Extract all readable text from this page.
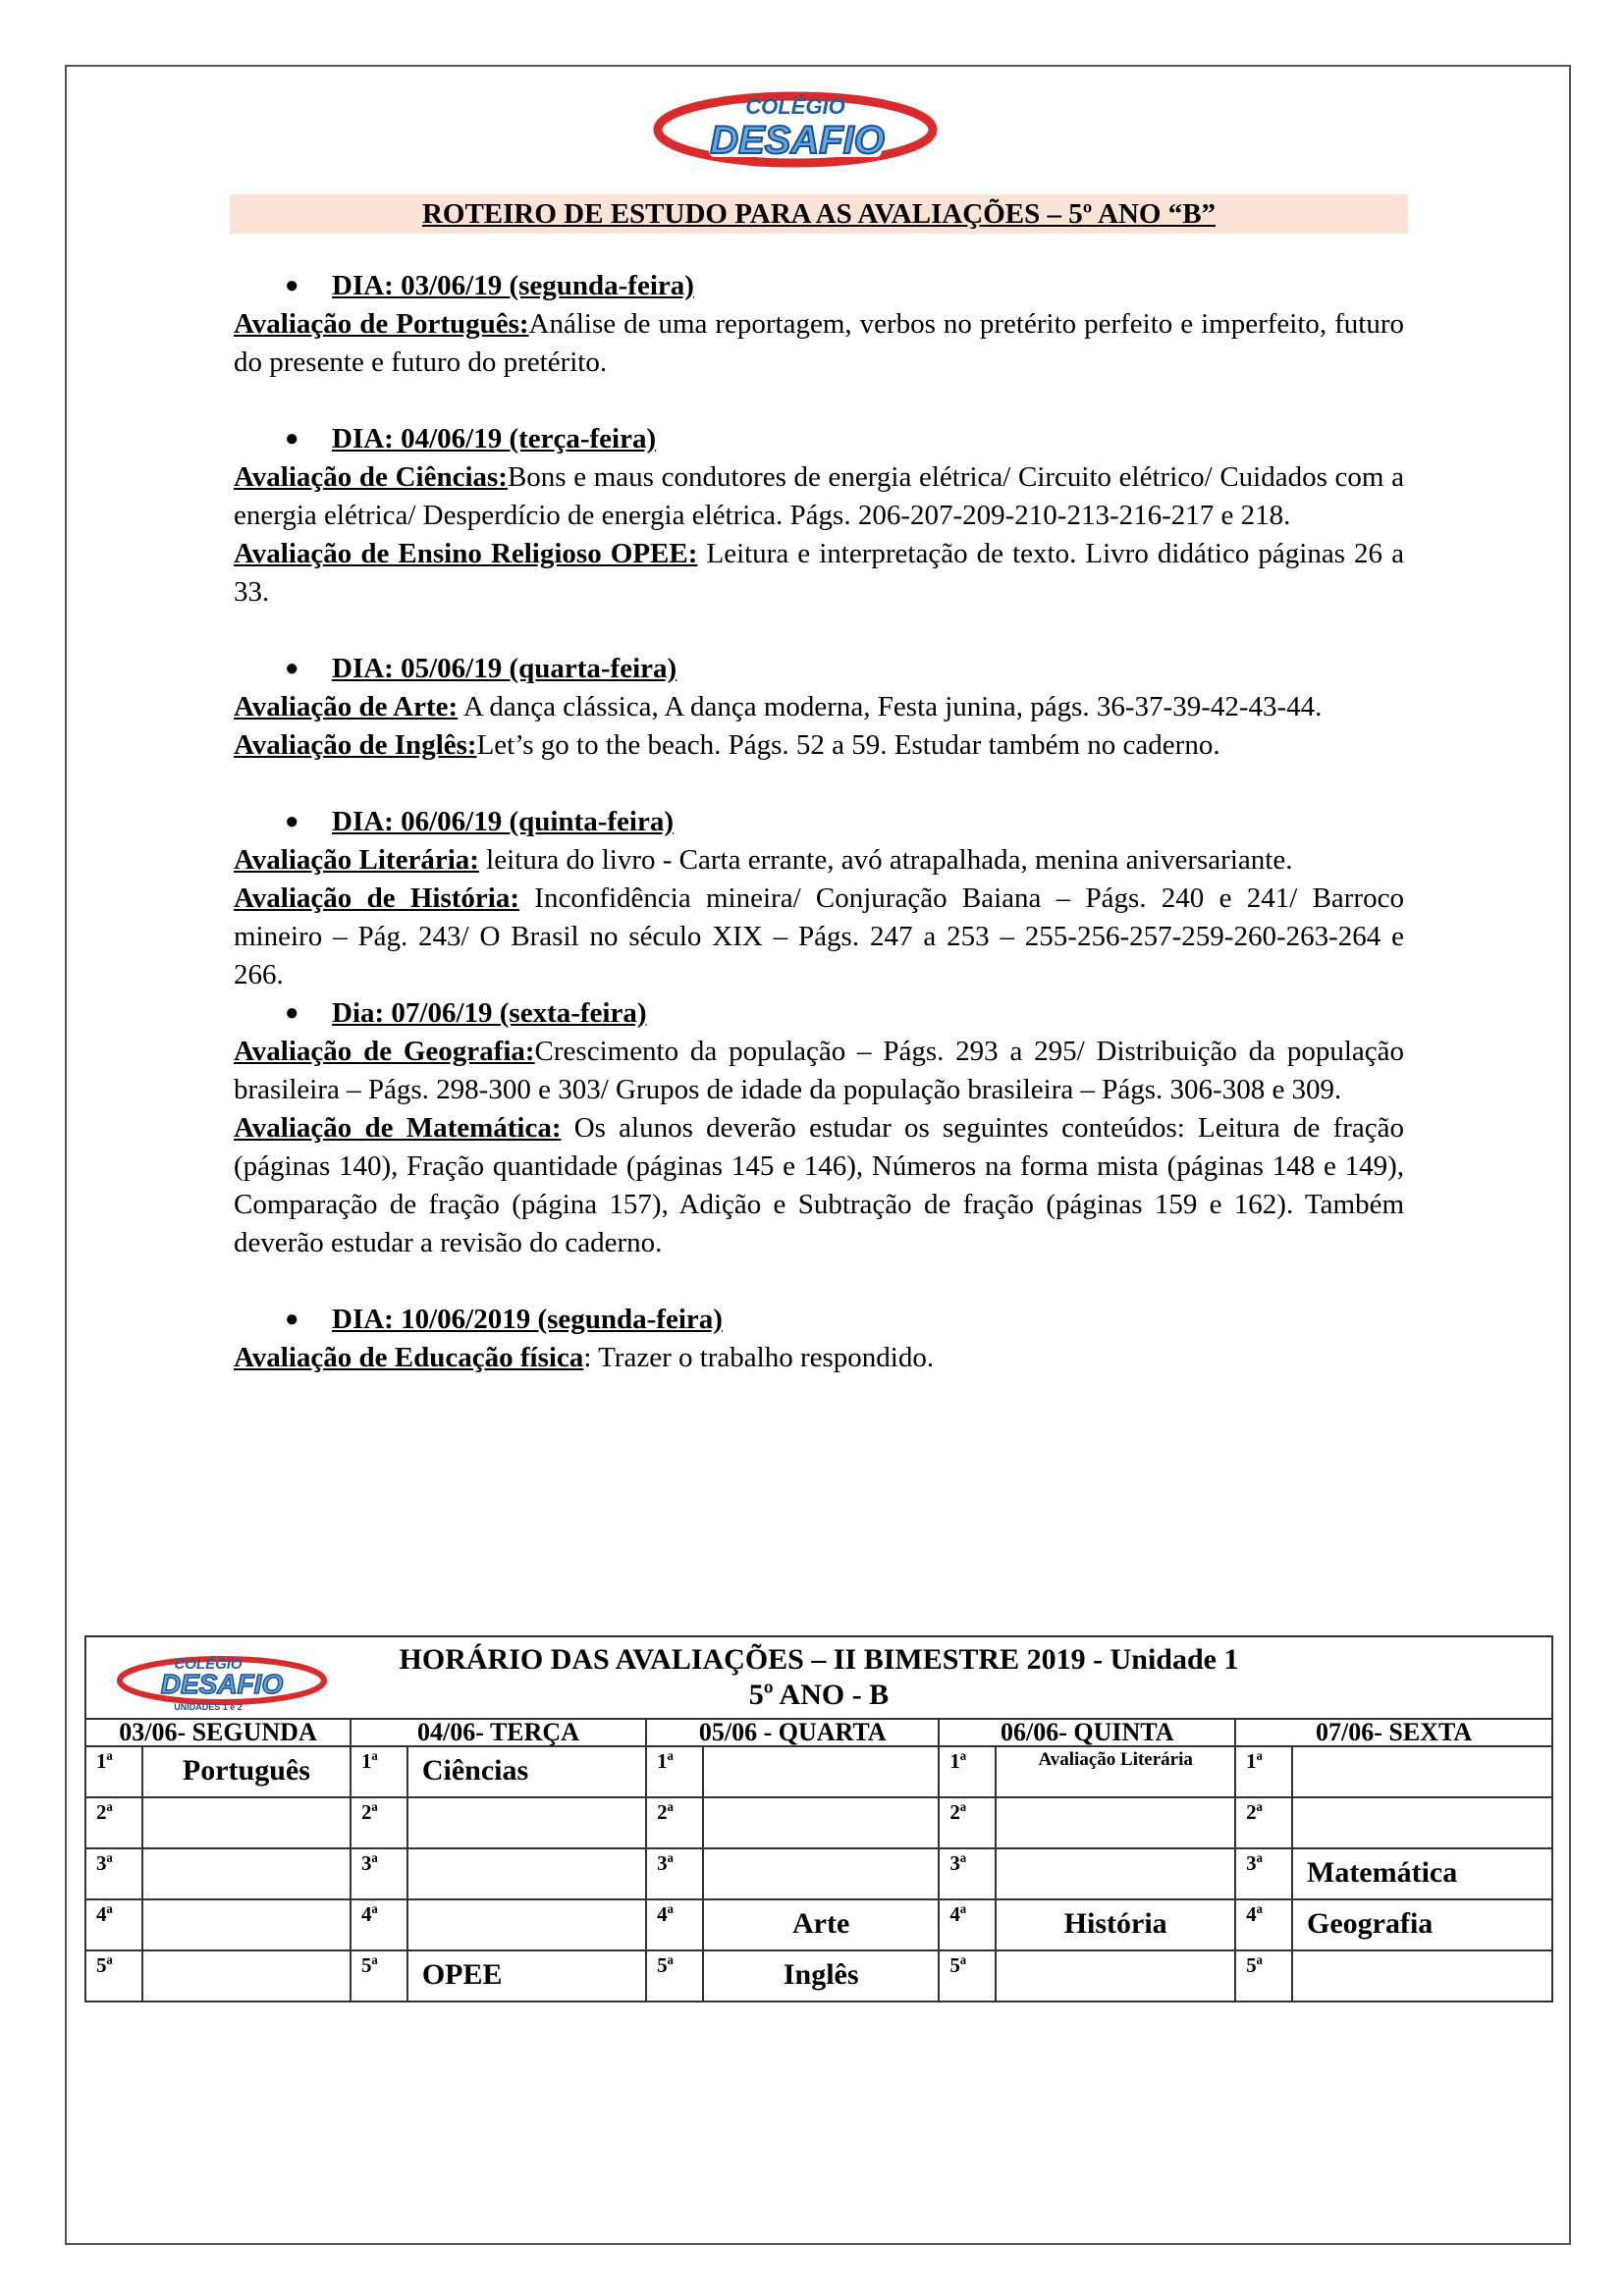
COLÉGIO
DESAFIO
ROTEIRO DE ESTUDO PARA AS AVALIAÇÕES – 5º ANO “B”
● DIA: 03/06/19 (segunda-feira)

Avaliação de Português:Análise de uma reportagem, verbos no pretérito perfeito e imperfeito, futuro do presente e futuro do pretérito.

● DIA: 04/06/19 (terça-feira)

Avaliação de Ciências:Bons e maus condutores de energia elétrica/ Circuito elétrico/ Cuidados com a energia elétrica/ Desperdício de energia elétrica. Págs. 206-207-209-210-213-216-217 e 218.

Avaliação de Ensino Religioso OPEE: Leitura e interpretação de texto. Livro didático páginas 26 a 33.

● DIA: 05/06/19 (quarta-feira)

Avaliação de Arte: A dança clássica, A dança moderna, Festa junina, págs. 36-37-39-42-43-44.

Avaliação de Inglês:Let’s go to the beach. Págs. 52 a 59. Estudar também no caderno.

● DIA: 06/06/19 (quinta-feira)

Avaliação Literária: leitura do livro - Carta errante, avó atrapalhada, menina aniversariante.

Avaliação de História: Inconfidência mineira/ Conjuração Baiana – Págs. 240 e 241/ Barroco mineiro – Pág. 243/ O Brasil no século XIX – Págs. 247 a 253 – 255-256-257-259-260-263-264 e 266.

● Dia: 07/06/19 (sexta-feira)

Avaliação de Geografia:Crescimento da população – Págs. 293 a 295/ Distribuição da população brasileira – Págs. 298-300 e 303/ Grupos de idade da população brasileira – Págs. 306-308 e 309.

Avaliação de Matemática: Os alunos deverão estudar os seguintes conteúdos: Leitura de fração (páginas 140), Fração quantidade (páginas 145 e 146), Números na forma mista (páginas 148 e 149), Comparação de fração (página 157), Adição e Subtração de fração (páginas 159 e 162). Também deverão estudar a revisão do caderno.

● DIA: 10/06/2019 (segunda-feira)

Avaliação de Educação física: Trazer o trabalho respondido.

COLÉGIO
DESAFIO
UNIDADES 1 e 2
HORÁRIO DAS AVALIAÇÕES – II BIMESTRE 2019 - Unidade 1
5º ANO - B									

03/06- SEGUNDA		04/06- TERÇA		05/06 - QUARTA		06/06- QUINTA		07/06- SEXTA	
1ª	Português	1ª	Ciências	1ª		1ª	Avaliação Literária	1ª	
2ª		2ª		2ª		2ª		2ª	
3ª		3ª		3ª		3ª		3ª	Matemática
4ª		4ª		4ª	Arte	4ª	História	4ª	Geografia
5ª		5ª	OPEE	5ª	Inglês	5ª		5ª	
